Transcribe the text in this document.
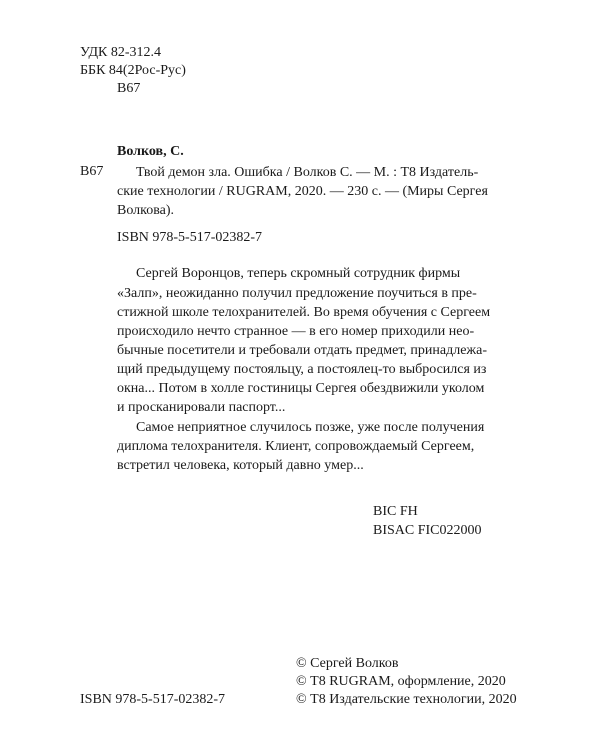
УДК 82-312.4
ББК 84(2Рос-Рус)
В67
Волков, С.
В67 Твой демон зла. Ошибка / Волков С. — М. : Т8 Издатель-
ские технологии / RUGRAM, 2020. — 230 с. — (Миры Сергея
Волкова).
ISBN 978-5-517-02382-7
Сергей Воронцов, теперь скромный сотрудник фирмы
«Залп», неожиданно получил предложение поучиться в пре-
стижной школе телохранителей. Во время обучения с Сергеем
происходило нечто странное — в его номер приходили нео-
бычные посетители и требовали отдать предмет, принадлежа-
щий предыдущему постояльцу, а постоялец-то выбросился из
окна... Потом в холле гостиницы Сергея обездвижили уколом
и просканировали паспорт...
Самое неприятное случилось позже, уже после получения
диплома телохранителя. Клиент, сопровождаемый Сергеем,
встретил человека, который давно умер...
BIC FH
BISAC FIC022000
© Сергей Волков
© Т8 RUGRAM, оформление, 2020
ISBN 978-5-517-02382-7	© Т8 Издательские технологии, 2020
